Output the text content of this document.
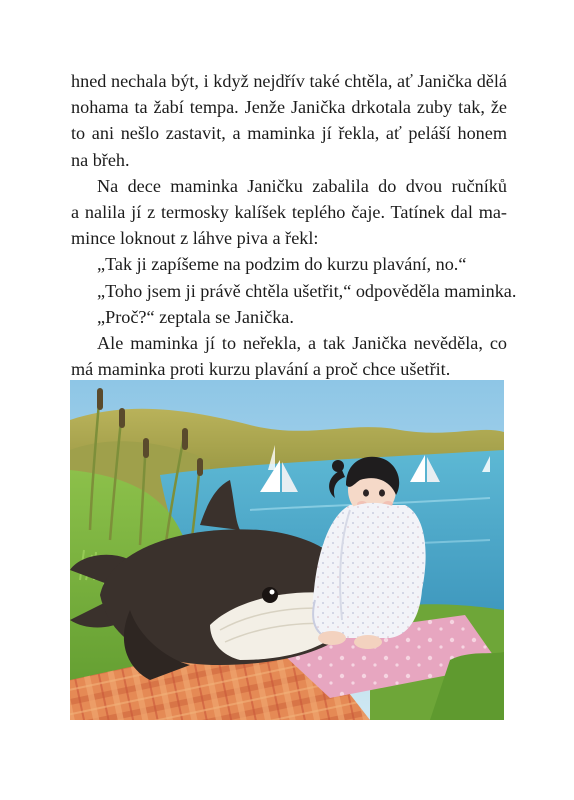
hned nechala být, i když nejdřív také chtěla, ať Janička dělá
nohama ta žabí tempa. Jenže Janička drkotala zuby tak, že
to ani nešlo zastavit, a maminka jí řekla, ať peláší honem
na břeh.
Na dece maminka Janičku zabalila do dvou ručníků
a nalila jí z termosky kalíšek teplého čaje. Tatínek dal ma-
mince loknout z láhve piva a řekl:
„Tak ji zapíšeme na podzim do kurzu plavání, no.“
„Toho jsem ji právě chtěla ušetřit,“ odpověděla maminka.
„Proč?“ zeptala se Janička.
Ale maminka jí to neřekla, a tak Janička nevěděla, co
má maminka proti kurzu plavání a proč chce ušetřit.
